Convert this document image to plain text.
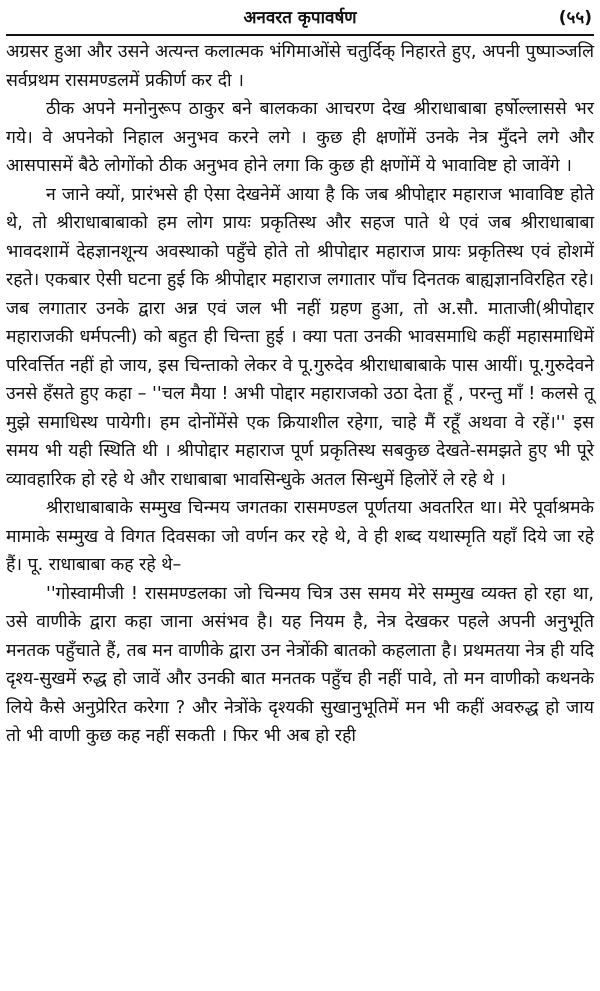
अनवरत कृपावर्षण	(५५)

अग्रसर हुआ और उसने अत्यन्त कलात्मक भंगिमाओंसे चतुर्दिक् निहारते हुए, अपनी पुष्पाञ्जलि सर्वप्रथम रासमण्डलमें प्रकीर्ण कर दी ।

ठीक अपने मनोनुरूप ठाकुर बने बालकका आचरण देख श्रीराधाबाबा हर्षोल्लाससे भर गये। वे अपनेको निहाल अनुभव करने लगे । कुछ ही क्षणोंमें उनके नेत्र मुँदने लगे और आसपासमें बैठे लोगोंको ठीक अनुभव होने लगा कि कुछ ही क्षणोंमें ये भावाविष्ट हो जावेंगे ।

न जाने क्यों, प्रारंभसे ही ऐसा देखनेमें आया है कि जब श्रीपोद्दार महाराज भावाविष्ट होते थे, तो श्रीराधाबाबाको हम लोग प्रायः प्रकृतिस्थ और सहज पाते थे एवं जब श्रीराधाबाबा भावदशामें देहज्ञानशून्य अवस्थाको पहुँचे होते तो श्रीपोद्दार महाराज प्रायः प्रकृतिस्थ एवं होशमें रहते। एकबार ऐसी घटना हुई कि श्रीपोद्दार महाराज लगातार पाँच दिनतक बाह्यज्ञानविरहित रहे। जब लगातार उनके द्वारा अन्न एवं जल भी नहीं ग्रहण हुआ, तो अ.सौ. माताजी(श्रीपोद्दार महाराजकी धर्मपत्नी) को बहुत ही चिन्ता हुई । क्या पता उनकी भावसमाधि कहीं महासमाधिमें परिवर्त्तित नहीं हो जाय, इस चिन्ताको लेकर वे पू.गुरुदेव श्रीराधाबाबाके पास आयीं। पू.गुरुदेवने उनसे हँसते हुए कहा – ''चल मैया ! अभी पोद्दार महाराजको उठा देता हूँ , परन्तु माँ ! कलसे तू मुझे समाधिस्थ पायेगी। हम दोनोंमेंसे एक क्रियाशील रहेगा, चाहे मैं रहूँ अथवा वे रहें।'' इस समय भी यही स्थिति थी । श्रीपोद्दार महाराज पूर्ण प्रकृतिस्थ सबकुछ देखते-समझते हुए भी पूरे व्यावहारिक हो रहे थे और राधाबाबा भावसिन्धुके अतल सिन्धुमें हिलोरें ले रहे थे ।

श्रीराधाबाबाके सम्मुख चिन्मय जगतका रासमण्डल पूर्णतया अवतरित था। मेरे पूर्वाश्रमके मामाके सम्मुख वे विगत दिवसका जो वर्णन कर रहे थे, वे ही शब्द यथास्मृति यहाँ दिये जा रहे हैं। पू. राधाबाबा कह रहे थे–

''गोस्वामीजी ! रासमण्डलका जो चिन्मय चित्र उस समय मेरे सम्मुख व्यक्त हो रहा था, उसे वाणीके द्वारा कहा जाना असंभव है। यह नियम है, नेत्र देखकर पहले अपनी अनुभूति मनतक पहुँचाते हैं, तब मन वाणीके द्वारा उन नेत्रोंकी बातको कहलाता है। प्रथमतया नेत्र ही यदि दृश्य-सुखमें रुद्ध हो जावें और उनकी बात मनतक पहुँच ही नहीं पावे, तो मन वाणीको कथनके लिये कैसे अनुप्रेरित करेगा ? और नेत्रोंके दृश्यकी सुखानुभूतिमें मन भी कहीं अवरुद्ध हो जाय तो भी वाणी कुछ कह नहीं सकती । फिर भी अब हो रही
